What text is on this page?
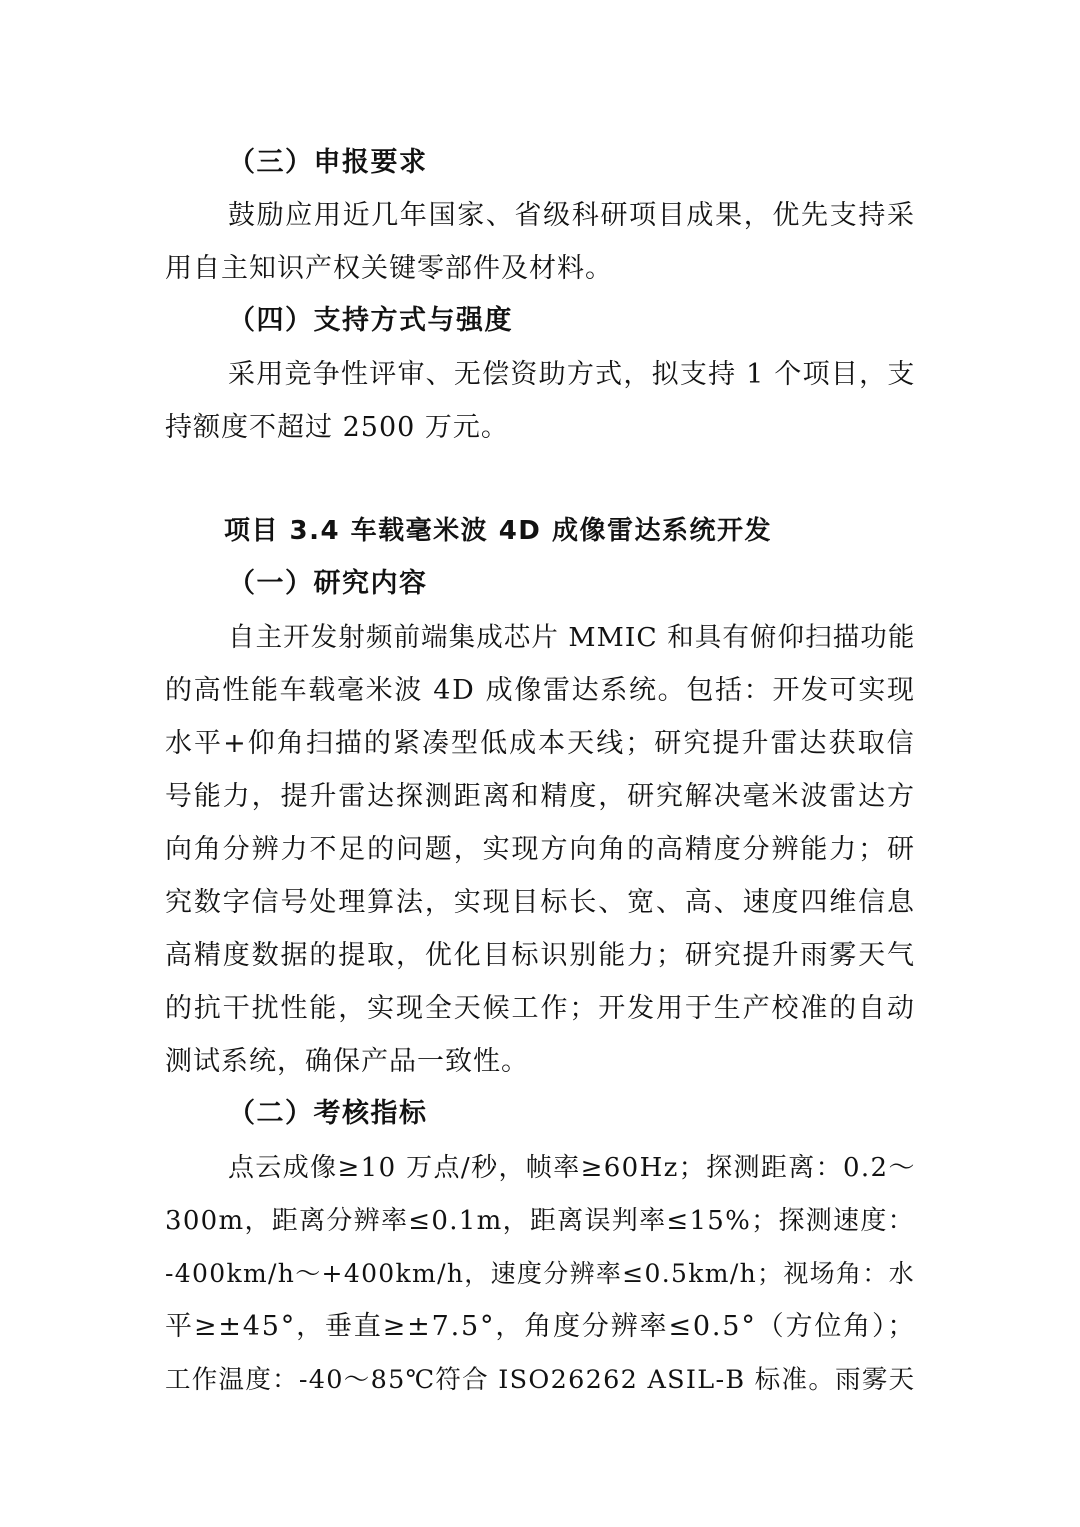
（三）申报要求
鼓励应用近几年国家、省级科研项目成果，优先支持采
用自主知识产权关键零部件及材料。
（四）支持方式与强度
采用竞争性评审、无偿资助方式，拟支持 1 个项目，支
持额度不超过 2500 万元。
项目 3.4 车载毫米波 4D 成像雷达系统开发
（一）研究内容
自主开发射频前端集成芯片 MMIC 和具有俯仰扫描功能
的高性能车载毫米波 4D 成像雷达系统。包括：开发可实现
水平+仰角扫描的紧凑型低成本天线；研究提升雷达获取信
号能力，提升雷达探测距离和精度，研究解决毫米波雷达方
向角分辨力不足的问题，实现方向角的高精度分辨能力；研
究数字信号处理算法，实现目标长、宽、高、速度四维信息
高精度数据的提取，优化目标识别能力；研究提升雨雾天气
的抗干扰性能，实现全天候工作；开发用于生产校准的自动
测试系统，确保产品一致性。
（二）考核指标
点云成像≥10 万点/秒，帧率≥60Hz；探测距离：0.2～
300m，距离分辨率≤0.1m，距离误判率≤15%；探测速度：
-400km/h～+400km/h，速度分辨率≤0.5km/h；视场角：水
平≥±45°，垂直≥±7.5°，角度分辨率≤0.5°（方位角）；
工作温度：-40～85℃符合 ISO26262 ASIL-B 标准。雨雾天
